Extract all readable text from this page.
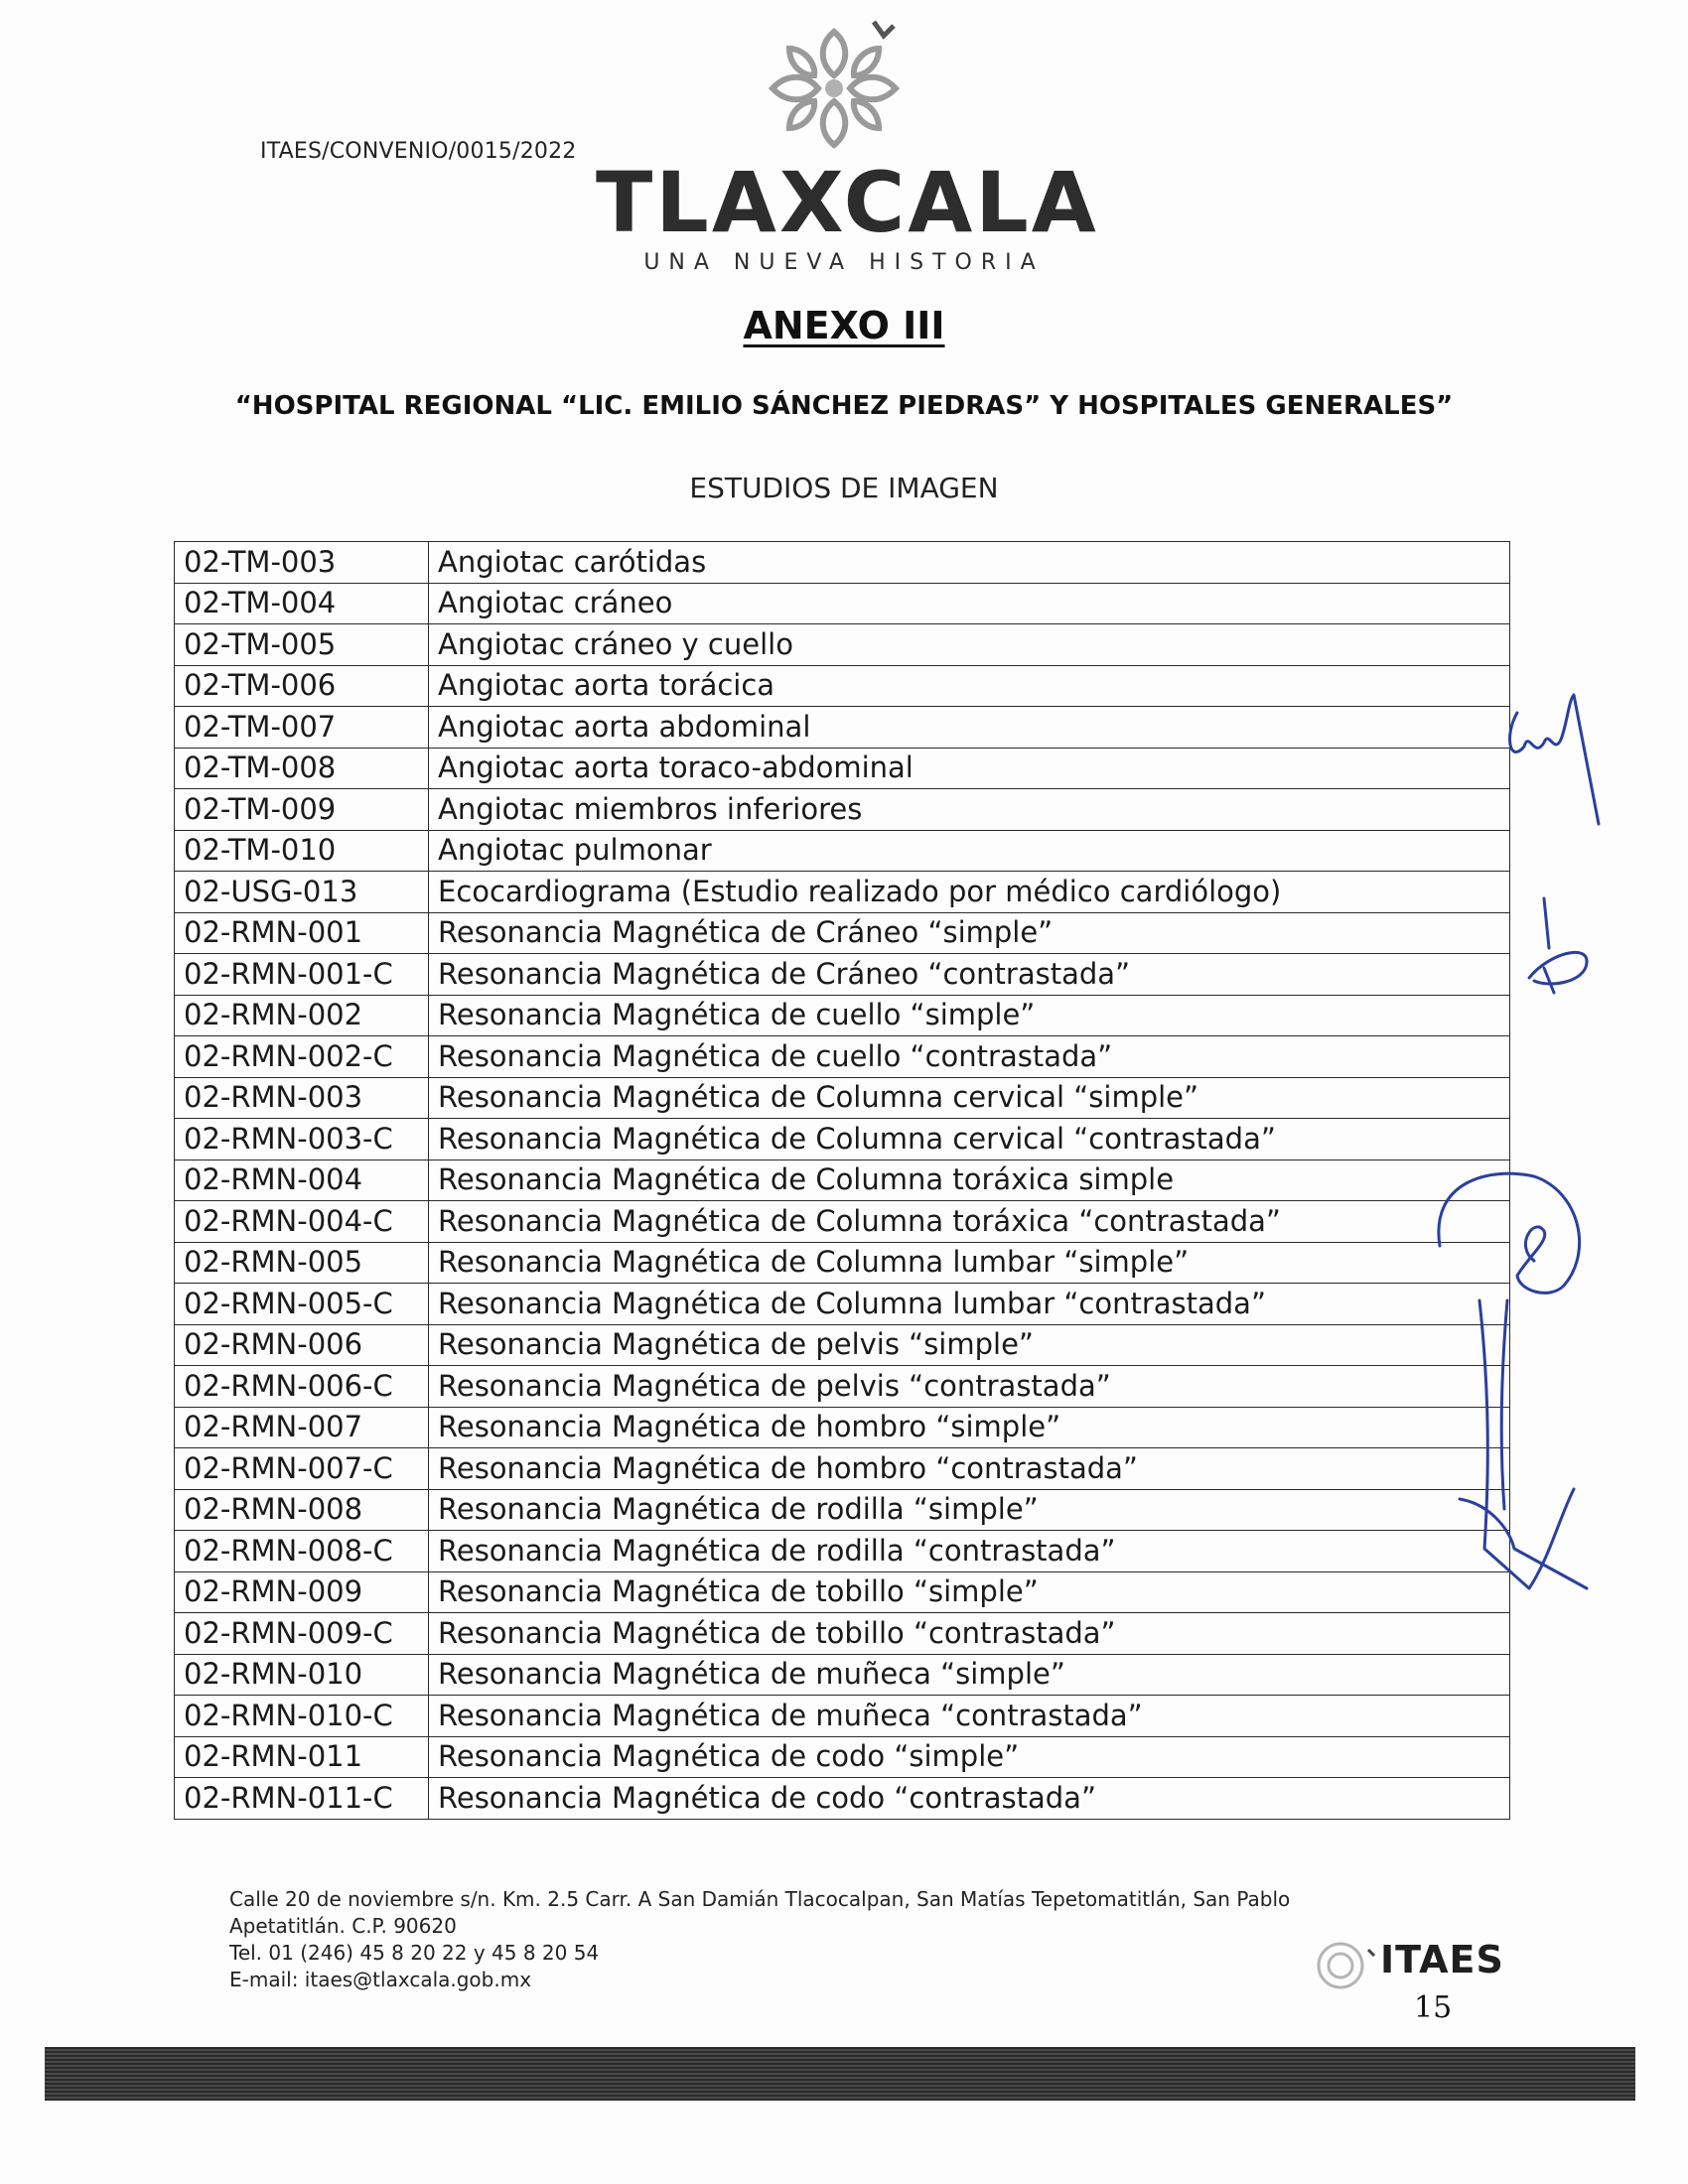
ITAES/CONVENIO/0015/2022
TLAXCALA
UNA NUEVA HISTORIA
ANEXO III
“HOSPITAL REGIONAL “LIC. EMILIO SÁNCHEZ PIEDRAS” Y HOSPITALES GENERALES”
ESTUDIOS DE IMAGEN
02-TM-003	Angiotac carótidas
02-TM-004	Angiotac cráneo
02-TM-005	Angiotac cráneo y cuello
02-TM-006	Angiotac aorta torácica
02-TM-007	Angiotac aorta abdominal
02-TM-008	Angiotac aorta toraco-abdominal
02-TM-009	Angiotac miembros inferiores
02-TM-010	Angiotac pulmonar
02-USG-013	Ecocardiograma (Estudio realizado por médico cardiólogo)
02-RMN-001	Resonancia Magnética de Cráneo “simple”
02-RMN-001-C	Resonancia Magnética de Cráneo “contrastada”
02-RMN-002	Resonancia Magnética de cuello “simple”
02-RMN-002-C	Resonancia Magnética de cuello “contrastada”
02-RMN-003	Resonancia Magnética de Columna cervical “simple”
02-RMN-003-C	Resonancia Magnética de Columna cervical “contrastada”
02-RMN-004	Resonancia Magnética de Columna toráxica simple
02-RMN-004-C	Resonancia Magnética de Columna toráxica “contrastada”
02-RMN-005	Resonancia Magnética de Columna lumbar “simple”
02-RMN-005-C	Resonancia Magnética de Columna lumbar “contrastada”
02-RMN-006	Resonancia Magnética de pelvis “simple”
02-RMN-006-C	Resonancia Magnética de pelvis “contrastada”
02-RMN-007	Resonancia Magnética de hombro “simple”
02-RMN-007-C	Resonancia Magnética de hombro “contrastada”
02-RMN-008	Resonancia Magnética de rodilla “simple”
02-RMN-008-C	Resonancia Magnética de rodilla “contrastada”
02-RMN-009	Resonancia Magnética de tobillo “simple”
02-RMN-009-C	Resonancia Magnética de tobillo “contrastada”
02-RMN-010	Resonancia Magnética de muñeca “simple”
02-RMN-010-C	Resonancia Magnética de muñeca “contrastada”
02-RMN-011	Resonancia Magnética de codo “simple”
02-RMN-011-C	Resonancia Magnética de codo “contrastada”
Calle 20 de noviembre s/n. Km. 2.5 Carr. A San Damián Tlacocalpan, San Matías Tepetomatitlán, San Pablo
Apetatitlán. C.P. 90620
Tel. 01 (246) 45 8 20 22 y 45 8 20 54
E-mail: itaes@tlaxcala.gob.mx	ITAES
15
